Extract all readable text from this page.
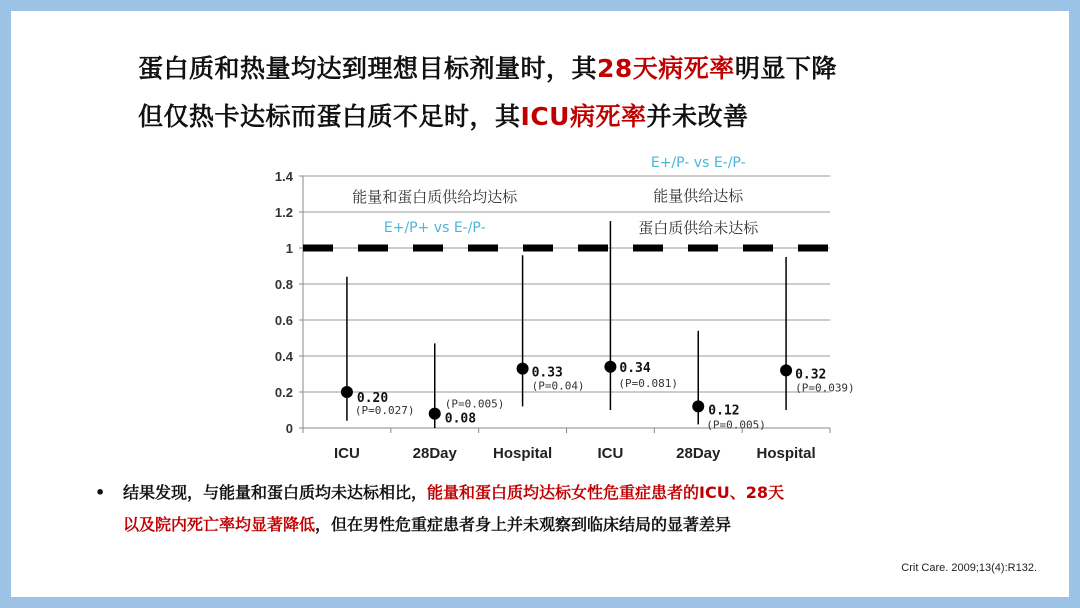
蛋白质和热量均达到理想目标剂量时，其28天病死率明显下降
但仅热卡达标而蛋白质不足时，其ICU病死率并未改善
1.4
1.2
1
0.8
0.6
0.4
0.2
0
ICU	28Day Hospital	ICU	28Day Hospital
能量和蛋白质供给均达标
E+/P+ vs E-/P-
E+/P- vs E-/P-
能量供给达标
蛋白质供给未达标
0.20
(P=0.027)
0.08
(P=0.005)
0.33
(P=0.04)
0.34
(P=0.081)
0.12
(P=0.005)
0.32
(P=0.039)
• 结果发现，与能量和蛋白质均未达标相比，能量和蛋白质均达标女性危重症患者的ICU、28天
以及院内死亡率均显著降低，但在男性危重症患者身上并未观察到临床结局的显著差异
Crit Care. 2009;13(4):R132.
